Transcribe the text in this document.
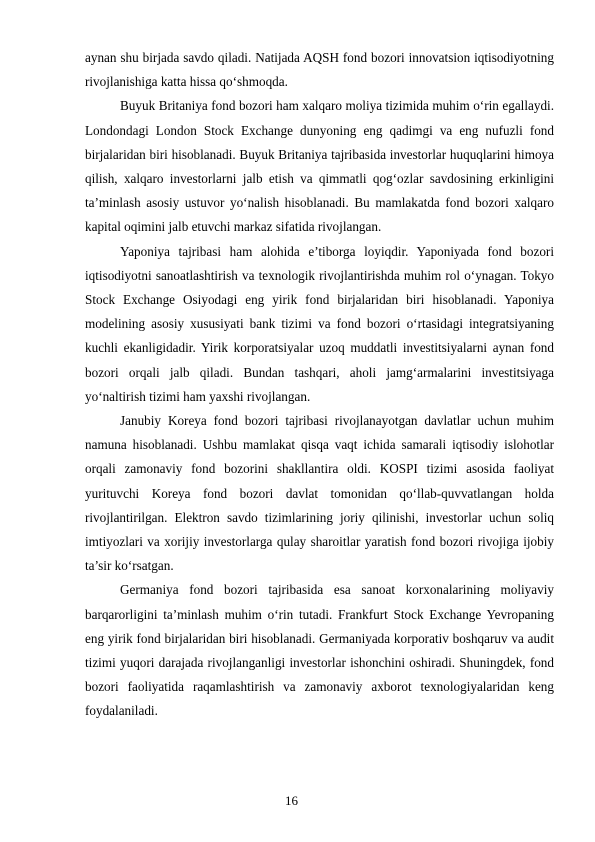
aynan shu birjada savdo qiladi. Natijada AQSH fond bozori innovatsion iqtisodiyotning rivojlanishiga katta hissa qo‘shmoqda.

Buyuk Britaniya fond bozori ham xalqaro moliya tizimida muhim o‘rin egallaydi. Londondagi London Stock Exchange dunyoning eng qadimgi va eng nufuzli fond birjalaridan biri hisoblanadi. Buyuk Britaniya tajribasida investorlar huquqlarini himoya qilish, xalqaro investorlarni jalb etish va qimmatli qog‘ozlar savdosining erkinligini ta’minlash asosiy ustuvor yo‘nalish hisoblanadi. Bu mamlakatda fond bozori xalqaro kapital oqimini jalb etuvchi markaz sifatida rivojlangan.

Yaponiya tajribasi ham alohida e’tiborga loyiqdir. Yaponiyada fond bozori iqtisodiyotni sanoatlashtirish va texnologik rivojlantirishda muhim rol o‘ynagan. Tokyo Stock Exchange Osiyodagi eng yirik fond birjalaridan biri hisoblanadi. Yaponiya modelining asosiy xususiyati bank tizimi va fond bozori o‘rtasidagi integratsiyaning kuchli ekanligidadir. Yirik korporatsiyalar uzoq muddatli investitsiyalarni aynan fond bozori orqali jalb qiladi. Bundan tashqari, aholi jamg‘armalarini investitsiyaga yo‘naltirish tizimi ham yaxshi rivojlangan.

Janubiy Koreya fond bozori tajribasi rivojlanayotgan davlatlar uchun muhim namuna hisoblanadi. Ushbu mamlakat qisqa vaqt ichida samarali iqtisodiy islohotlar orqali zamonaviy fond bozorini shakllantira oldi. KOSPI tizimi asosida faoliyat yurituvchi Koreya fond bozori davlat tomonidan qo‘llab-quvvatlangan holda rivojlantirilgan. Elektron savdo tizimlarining joriy qilinishi, investorlar uchun soliq imtiyozlari va xorijiy investorlarga qulay sharoitlar yaratish fond bozori rivojiga ijobiy ta’sir ko‘rsatgan.

Germaniya fond bozori tajribasida esa sanoat korxonalarining moliyaviy barqarorligini ta’minlash muhim o‘rin tutadi. Frankfurt Stock Exchange Yevropaning eng yirik fond birjalaridan biri hisoblanadi. Germaniyada korporativ boshqaruv va audit tizimi yuqori darajada rivojlanganligi investorlar ishonchini oshiradi. Shuningdek, fond bozori faoliyatida raqamlashtirish va zamonaviy axborot texnologiyalaridan keng foydalaniladi.

16
